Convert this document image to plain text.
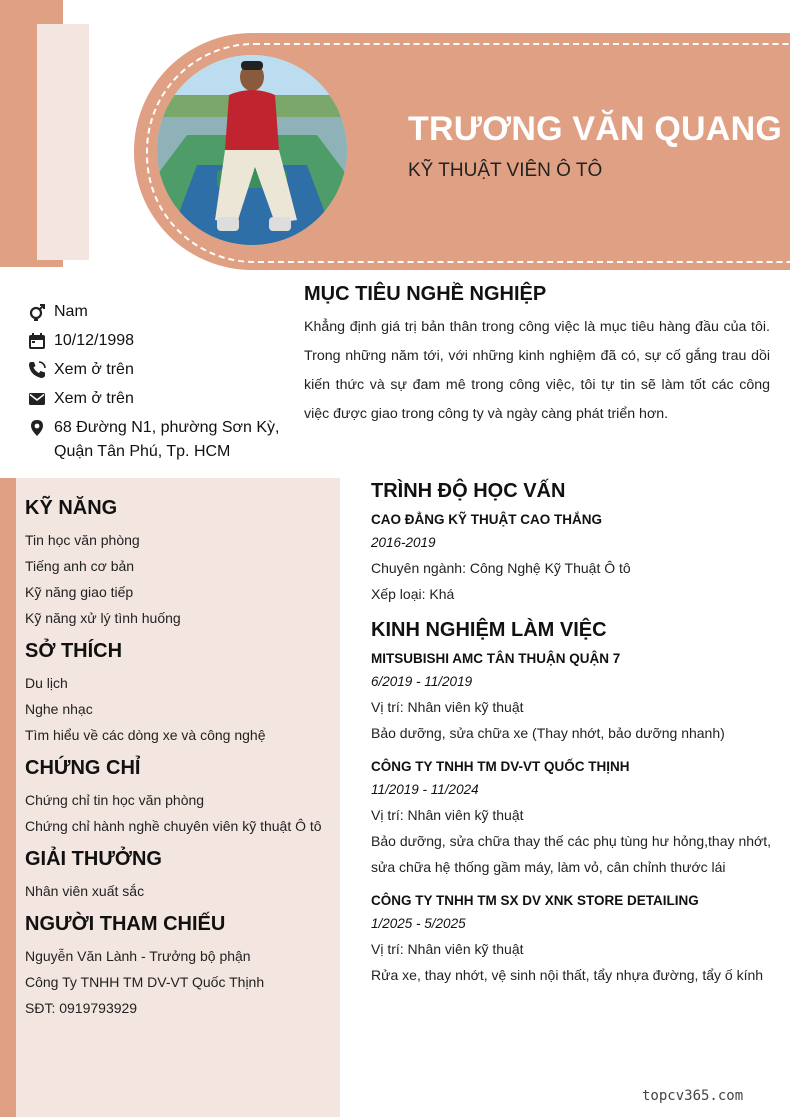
TRƯƠNG VĂN QUANG
KỸ THUẬT VIÊN Ô TÔ
Nam
10/12/1998
Xem ở trên
Xem ở trên
68 Đường N1, phường Sơn Kỳ, Quận Tân Phú, Tp. HCM
MỤC TIÊU NGHỀ NGHIỆP
Khẳng định giá trị bản thân trong công việc là mục tiêu hàng đầu của tôi. Trong những năm tới, với những kinh nghiệm đã có, sự cố gắng trau dồi kiến thức và sự đam mê trong công việc, tôi tự tin sẽ làm tốt các công việc được giao trong công ty và ngày càng phát triển hơn.
KỸ NĂNG
Tin học văn phòng
Tiếng anh cơ bản
Kỹ năng giao tiếp
Kỹ năng xử lý tình huống
SỞ THÍCH
Du lịch
Nghe nhạc
Tìm hiểu về các dòng xe và công nghệ
CHỨNG CHỈ
Chứng chỉ tin học văn phòng
Chứng chỉ hành nghề chuyên viên kỹ thuật Ô tô
GIẢI THƯỞNG
Nhân viên xuất sắc
NGƯỜI THAM CHIẾU
Nguyễn Văn Lành - Trưởng bộ phận
Công Ty TNHH TM DV-VT Quốc Thịnh
SĐT: 0919793929
TRÌNH ĐỘ HỌC VẤN
CAO ĐẲNG KỸ THUẬT CAO THẮNG
2016-2019
Chuyên ngành: Công Nghệ Kỹ Thuật Ô tô
Xếp loại: Khá
KINH NGHIỆM LÀM VIỆC
MITSUBISHI AMC TÂN THUẬN QUẬN 7
6/2019 - 11/2019
Vị trí: Nhân viên kỹ thuật
Bảo dưỡng, sửa chữa xe (Thay nhớt, bảo dưỡng nhanh)
CÔNG TY TNHH TM DV-VT QUỐC THỊNH
11/2019 - 11/2024
Vị trí: Nhân viên kỹ thuật
Bảo dưỡng, sửa chữa thay thế các phụ tùng hư hỏng,thay nhớt, sửa chữa hệ thống gầm máy, làm vỏ, cân chỉnh thước lái
CÔNG TY TNHH TM SX DV XNK STORE DETAILING
1/2025 - 5/2025
Vị trí: Nhân viên kỹ thuật
Rửa xe, thay nhớt, vệ sinh nội thất, tẩy nhựa đường, tẩy ố kính
topcv365.com
